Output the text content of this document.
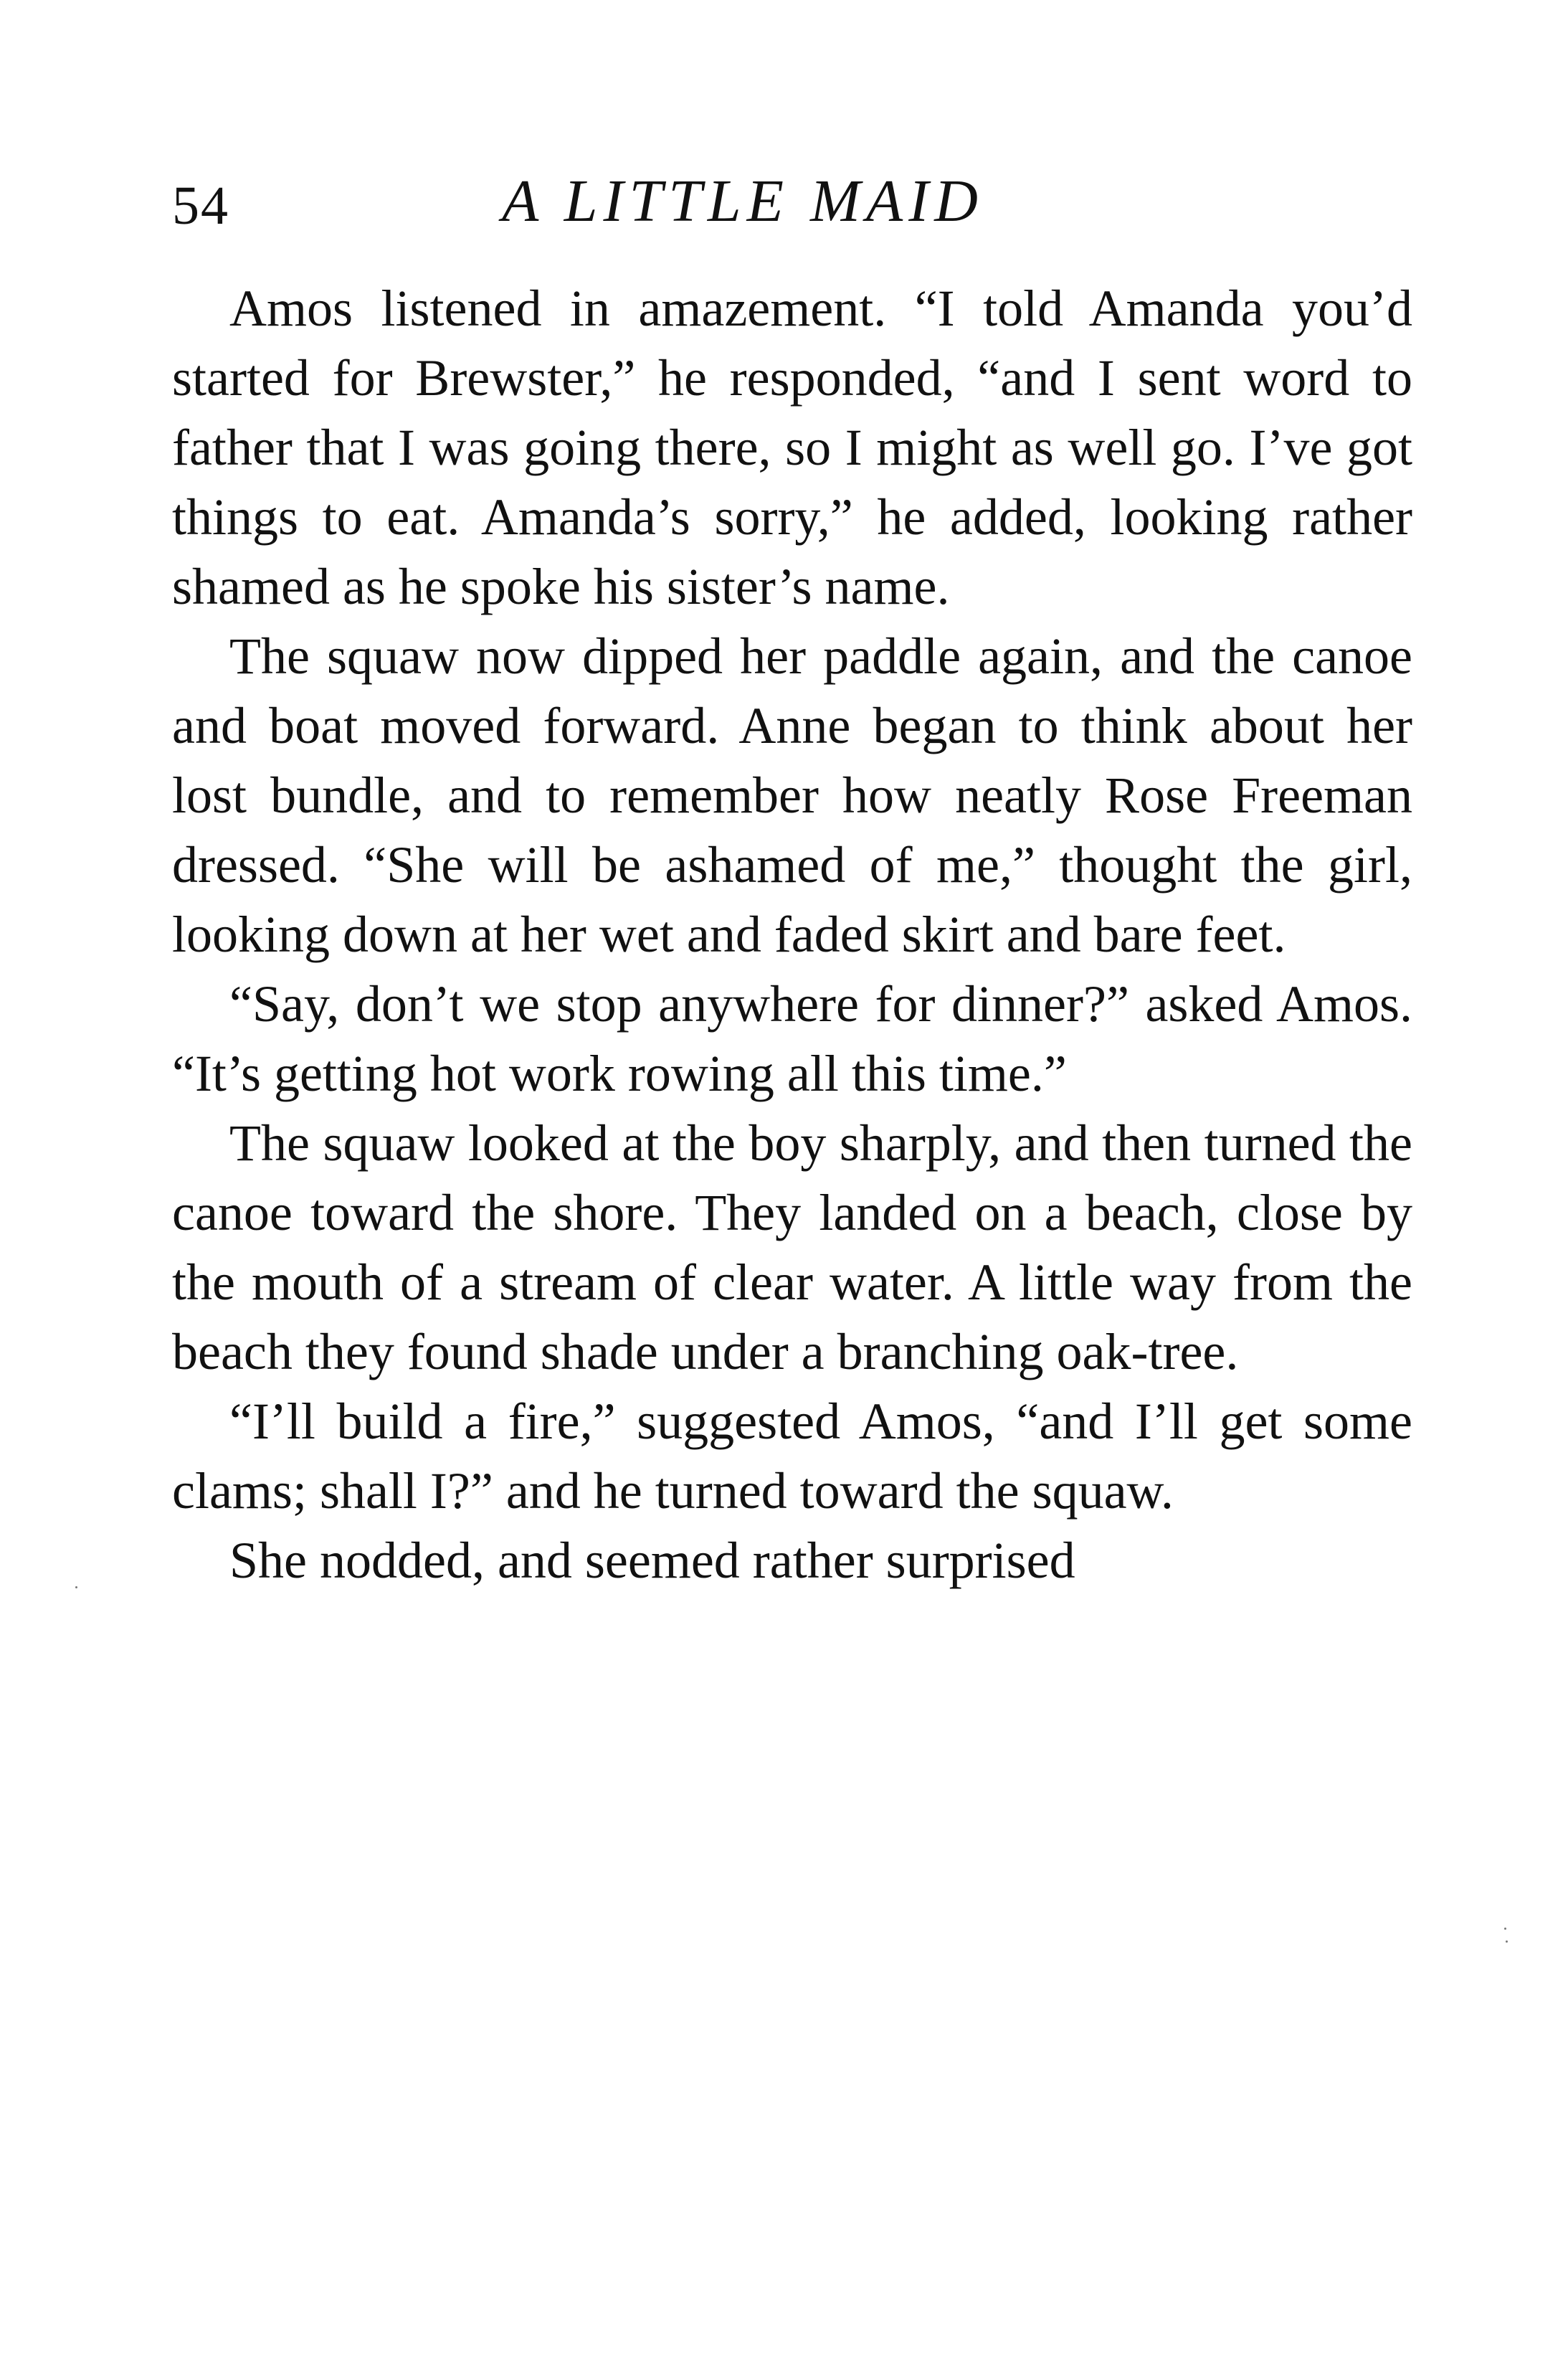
54	A LITTLE MAID

Amos listened in amazement. “I told Amanda you’d started for Brewster,” he responded, “and I sent word to father that I was going there, so I might as well go. I’ve got things to eat. Amanda’s sorry,” he added, looking rather shamed as he spoke his sister’s name.

The squaw now dipped her paddle again, and the canoe and boat moved forward. Anne began to think about her lost bundle, and to remember how neatly Rose Freeman dressed. “She will be ashamed of me,” thought the girl, looking down at her wet and faded skirt and bare feet.

“Say, don’t we stop anywhere for dinner?” asked Amos. “It’s getting hot work rowing all this time.”

The squaw looked at the boy sharply, and then turned the canoe toward the shore. They landed on a beach, close by the mouth of a stream of clear water. A little way from the beach they found shade under a branching oak-tree.

“I’ll build a fire,” suggested Amos, “and I’ll get some clams; shall I?” and he turned toward the squaw.

She nodded, and seemed rather surprised
